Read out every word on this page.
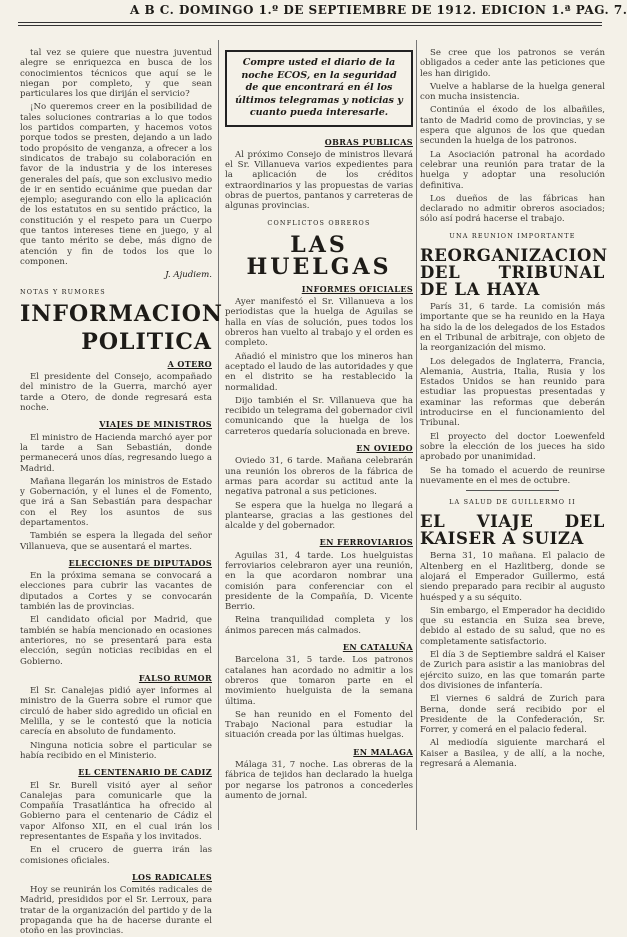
A B C. DOMINGO 1.º DE SEPTIEMBRE DE 1912. EDICION 1.ª PAG. 7.

tal vez se quiere que nuestra juventud alegre se enriquezca en busca de los conocimientos técnicos que aquí se le niegan por completo, y que sean particulares los que diriján el servicio?

¡No queremos creer en la posibilidad de tales soluciones contrarias a lo que todos los partidos comparten, y hacemos votos porque todos se presten, dejando a un lado todo propósito de venganza, a ofrecer a los sindicatos de trabajo su colaboración en favor de la industria y de los intereses generales del país, que son exclusivo medio de ir en sentido ecuánime que puedan dar ejemplo; asegurando con ello la aplicación de los estatutos en su sentido práctico, la constitución y el respeto para un Cuerpo que tantos intereses tiene en juego, y al que tanto mérito se debe, más digno de atención y fin de todos los que lo componen.

J. Ajudiem.
NOTAS Y RUMORES
INFORMACION
POLITICA
A OTERO

El presidente del Consejo, acompañado del ministro de la Guerra, marchó ayer tarde a Otero, de donde regresará esta noche.

VIAJES DE MINISTROS

El ministro de Hacienda marchó ayer por la tarde a San Sebastián, donde permanecerá unos días, regresando luego a Madrid.

Mañana llegarán los ministros de Estado y Gobernación, y el lunes el de Fomento, que irá a San Sebastián para despachar con el Rey los asuntos de sus departamentos.

También se espera la llegada del señor Villanueva, que se ausentará el martes.

ELECCIONES DE DIPUTADOS

En la próxima semana se convocará a elecciones para cubrir las vacantes de diputados a Cortes y se convocarán también las de provincias.

El candidato oficial por Madrid, que también se había mencionado en ocasiones anteriores, no se presentará para esta elección, según noticias recibidas en el Gobierno.

FALSO RUMOR

El Sr. Canalejas pidió ayer informes al ministro de la Guerra sobre el rumor que circuló de haber sido agredido un oficial en Melilla, y se le contestó que la noticia carecía en absoluto de fundamento.

Ninguna noticia sobre el particular se había recibido en el Ministerio.

EL CENTENARIO DE CADIZ

El Sr. Burell visitó ayer al señor Canalejas para comunicarle que la Compañía Trasatlántica ha ofrecido al Gobierno para el centenario de Cádiz el vapor Alfonso XII, en el cual irán los representantes de España y los invitados.

En el crucero de guerra irán las comisiones oficiales.

LOS RADICALES

Hoy se reunirán los Comités radicales de Madrid, presididos por el Sr. Lerroux, para tratar de la organización del partido y de la propaganda que ha de hacerse durante el otoño en las provincias.

Compre usted el diario de la noche ECOS, en la seguridad de que encontrará en él los últimos telegramas y noticias y cuanto pueda interesarle.
OBRAS PUBLICAS

Al próximo Consejo de ministros llevará el Sr. Villanueva varios expedientes para la aplicación de los créditos extraordinarios y las propuestas de varias obras de puertos, pantanos y carreteras de algunas provincias.

CONFLICTOS OBREROS
LAS HUELGAS
INFORMES OFICIALES

Ayer manifestó el Sr. Villanueva a los periodistas que la huelga de Aguilas se halla en vías de solución, pues todos los obreros han vuelto al trabajo y el orden es completo.

Añadió el ministro que los mineros han aceptado el laudo de las autoridades y que en el distrito se ha restablecido la normalidad.

Dijo también el Sr. Villanueva que ha recibido un telegrama del gobernador civil comunicando que la huelga de los carreteros quedaría solucionada en breve.

EN OVIEDO

Oviedo 31, 6 tarde. Mañana celebrarán una reunión los obreros de la fábrica de armas para acordar su actitud ante la negativa patronal a sus peticiones.

Se espera que la huelga no llegará a plantearse, gracias a las gestiones del alcalde y del gobernador.

EN FERROVIARIOS

Aguilas 31, 4 tarde. Los huelguistas ferroviarios celebraron ayer una reunión, en la que acordaron nombrar una comisión para conferenciar con el presidente de la Compañía, D. Vicente Berrio.

Reina tranquilidad completa y los ánimos parecen más calmados.

EN CATALUÑA

Barcelona 31, 5 tarde. Los patronos catalanes han acordado no admitir a los obreros que tomaron parte en el movimiento huelguista de la semana última.

Se han reunido en el Fomento del Trabajo Nacional para estudiar la situación creada por las últimas huelgas.

EN MALAGA

Málaga 31, 7 noche. Las obreras de la fábrica de tejidos han declarado la huelga por negarse los patronos a concederles aumento de jornal.

Se cree que los patronos se verán obligados a ceder ante las peticiones que les han dirigido.

Vuelve a hablarse de la huelga general con mucha insistencia.

Continúa el éxodo de los albañiles, tanto de Madrid como de provincias, y se espera que algunos de los que quedan secunden la huelga de los patronos.

La Asociación patronal ha acordado celebrar una reunión para tratar de la huelga y adoptar una resolución definitiva.

Los dueños de las fábricas han declarado no admitir obreros asociados; sólo así podrá hacerse el trabajo.

UNA REUNION IMPORTANTE
REORGANIZACION DEL TRIBUNAL DE LA HAYA

París 31, 6 tarde. La comisión más importante que se ha reunido en la Haya ha sido la de los delegados de los Estados en el Tribunal de arbitraje, con objeto de la reorganización del mismo.

Los delegados de Inglaterra, Francia, Alemania, Austria, Italia, Rusia y los Estados Unidos se han reunido para estudiar las propuestas presentadas y examinar las reformas que deberán introducirse en el funcionamiento del Tribunal.

El proyecto del doctor Loewenfeld sobre la elección de los jueces ha sido aprobado por unanimidad.

Se ha tomado el acuerdo de reunirse nuevamente en el mes de octubre.

LA SALUD DE GUILLERMO II
EL VIAJE DEL KAISER A SUIZA

Berna 31, 10 mañana. El palacio de Altenberg en el Hazlitberg, donde se alojará el Emperador Guillermo, está siendo preparado para recibir al augusto huésped y a su séquito.

Sin embargo, el Emperador ha decidido que su estancia en Suiza sea breve, debido al estado de su salud, que no es completamente satisfactorio.

El día 3 de Septiembre saldrá el Kaiser de Zurich para asistir a las maniobras del ejército suizo, en las que tomarán parte dos divisiones de infantería.

El viernes 6 saldrá de Zurich para Berna, donde será recibido por el Presidente de la Confederación, Sr. Forrer, y comerá en el palacio federal.

Al mediodía siguiente marchará el Kaiser a Basilea, y de allí, a la noche, regresará a Alemania.
